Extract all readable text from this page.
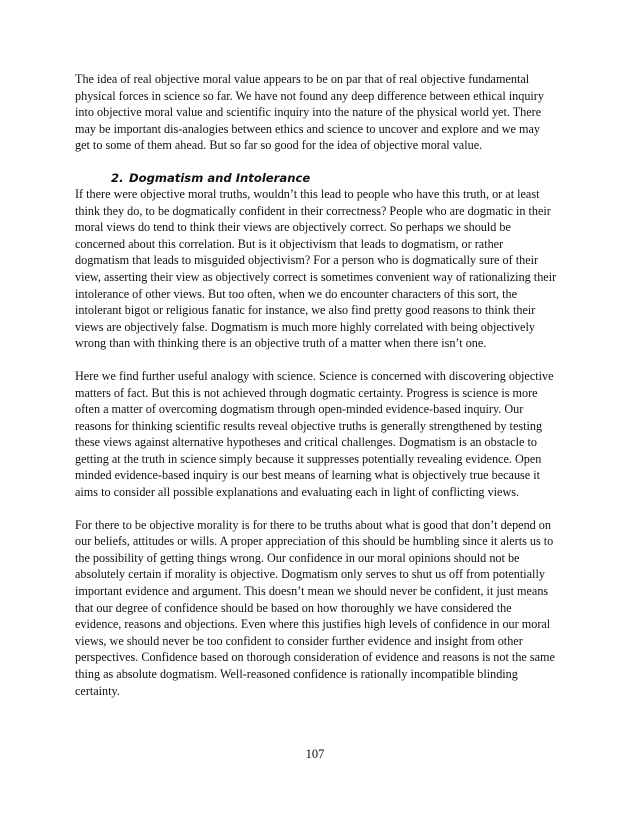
The idea of real objective moral value appears to be on par that of real objective fundamental physical forces in science so far. We have not found any deep difference between ethical inquiry into objective moral value and scientific inquiry into the nature of the physical world yet. There may be important dis-analogies between ethics and science to uncover and explore and we may get to some of them ahead. But so far so good for the idea of objective moral value.

2. Dogmatism and Intolerance

If there were objective moral truths, wouldn’t this lead to people who have this truth, or at least think they do, to be dogmatically confident in their correctness? People who are dogmatic in their moral views do tend to think their views are objectively correct. So perhaps we should be concerned about this correlation. But is it objectivism that leads to dogmatism, or rather dogmatism that leads to misguided objectivism? For a person who is dogmatically sure of their view, asserting their view as objectively correct is sometimes convenient way of rationalizing their intolerance of other views. But too often, when we do encounter characters of this sort, the intolerant bigot or religious fanatic for instance, we also find pretty good reasons to think their views are objectively false. Dogmatism is much more highly correlated with being objectively wrong than with thinking there is an objective truth of a matter when there isn’t one.

Here we find further useful analogy with science. Science is concerned with discovering objective matters of fact. But this is not achieved through dogmatic certainty. Progress is science is more often a matter of overcoming dogmatism through open-minded evidence-based inquiry. Our reasons for thinking scientific results reveal objective truths is generally strengthened by testing these views against alternative hypotheses and critical challenges. Dogmatism is an obstacle to getting at the truth in science simply because it suppresses potentially revealing evidence. Open minded evidence-based inquiry is our best means of learning what is objectively true because it aims to consider all possible explanations and evaluating each in light of conflicting views.

For there to be objective morality is for there to be truths about what is good that don’t depend on our beliefs, attitudes or wills. A proper appreciation of this should be humbling since it alerts us to the possibility of getting things wrong. Our confidence in our moral opinions should not be absolutely certain if morality is objective. Dogmatism only serves to shut us off from potentially important evidence and argument. This doesn’t mean we should never be confident, it just means that our degree of confidence should be based on how thoroughly we have considered the evidence, reasons and objections. Even where this justifies high levels of confidence in our moral views, we should never be too confident to consider further evidence and insight from other perspectives. Confidence based on thorough consideration of evidence and reasons is not the same thing as absolute dogmatism. Well-reasoned confidence is rationally incompatible blinding certainty.

107
